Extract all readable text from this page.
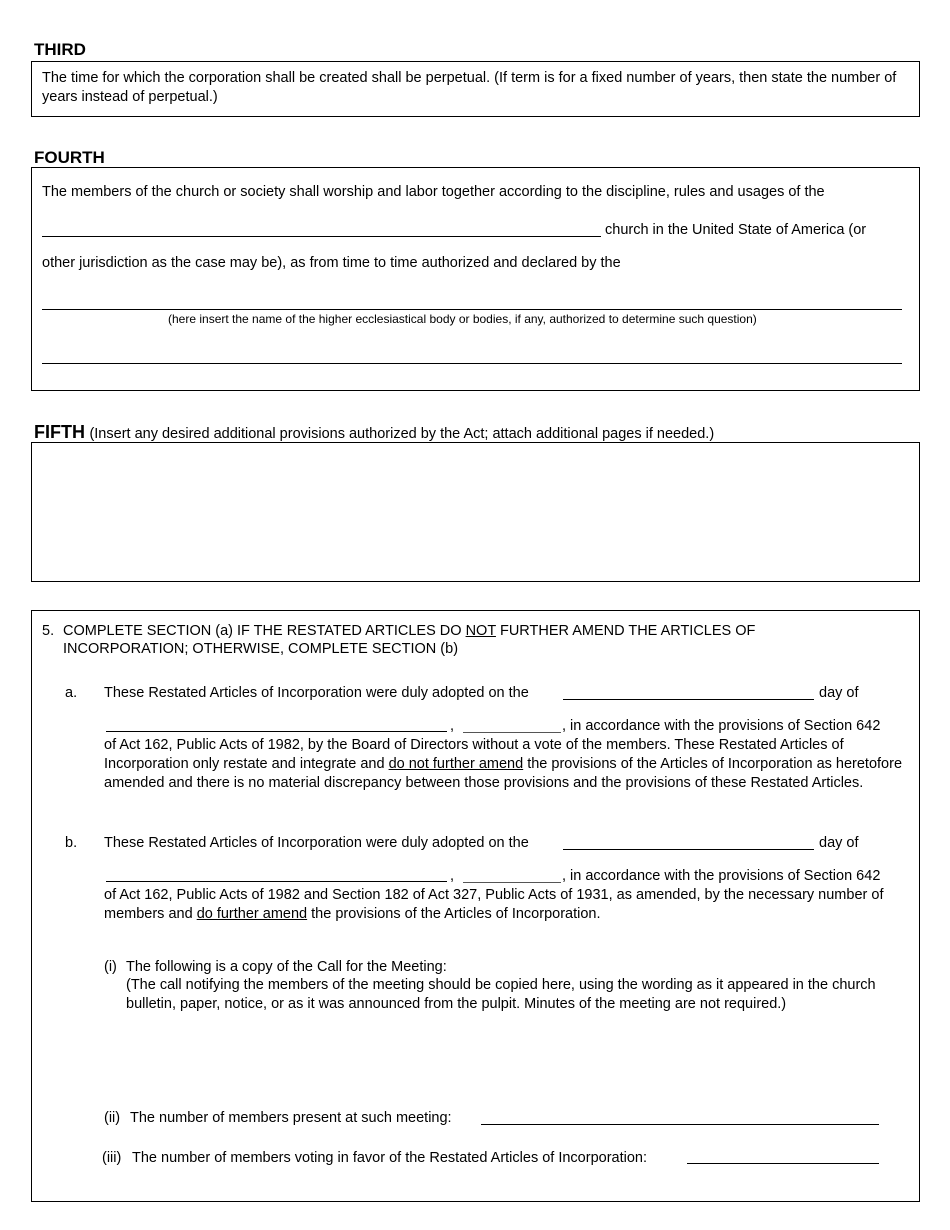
THIRD
The time for which the corporation shall be created shall be perpetual. (If term is for a fixed number of years, then state the number of years instead of perpetual.)
FOURTH
The members of the church or society shall worship and labor together according to the discipline, rules and usages of the
church in the United State of America (or
other jurisdiction as the case may be), as from time to time authorized and declared by the
(here insert the name of the higher ecclesiastical body or bodies, if any, authorized to determine such question)
FIFTH (Insert any desired additional provisions authorized by the Act; attach additional pages if needed.)
5. COMPLETE SECTION (a) IF THE RESTATED ARTICLES DO NOT FURTHER AMEND THE ARTICLES OF
INCORPORATION; OTHERWISE, COMPLETE SECTION (b)
a. These Restated Articles of Incorporation were duly adopted on the	day of
,	, in accordance with the provisions of Section 642
of Act 162, Public Acts of 1982, by the Board of Directors without a vote of the members. These Restated Articles of Incorporation only restate and integrate and do not further amend the provisions of the Articles of Incorporation as heretofore amended and there is no material discrepancy between those provisions and the provisions of these Restated Articles.
b. These Restated Articles of Incorporation were duly adopted on the	day of
,	, in accordance with the provisions of Section 642
of Act 162, Public Acts of 1982 and Section 182 of Act 327, Public Acts of 1931, as amended, by the necessary number of members and do further amend the provisions of the Articles of Incorporation.
(i) The following is a copy of the Call for the Meeting:
(The call notifying the members of the meeting should be copied here, using the wording as it appeared in the church bulletin, paper, notice, or as it was announced from the pulpit. Minutes of the meeting are not required.)
(ii) The number of members present at such meeting:
(iii) The number of members voting in favor of the Restated Articles of Incorporation:
